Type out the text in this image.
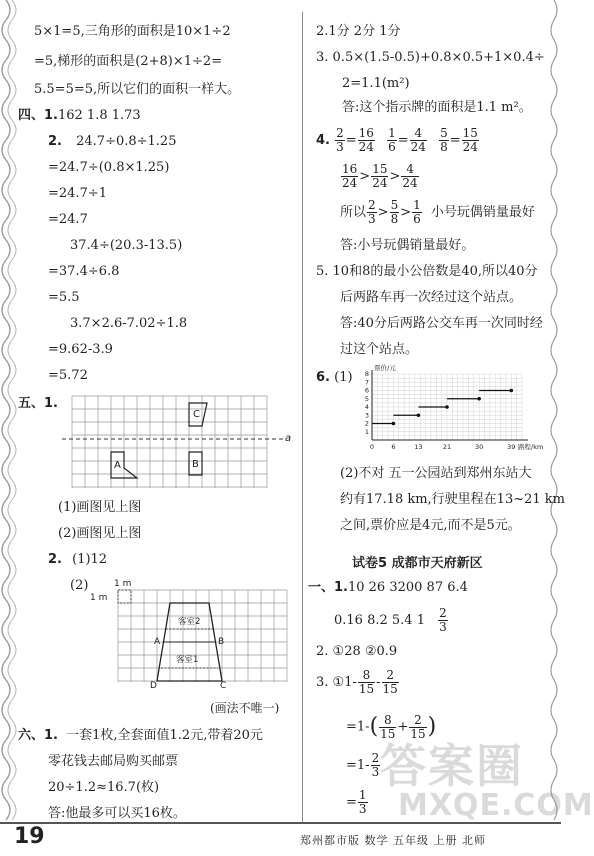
5×1=5,三角形的面积是10×1÷2
=5,梯形的面积是(2+8)×1÷2=
5.5=5=5,所以它们的面积一样大。
四、1.162 1.8 1.73
2. 24.7÷0.8÷1.25
=24.7÷(0.8×1.25)
=24.7÷1
=24.7
37.4÷(20.3-13.5)
=37.4÷6.8
=5.5
3.7×2.6-7.02÷1.8
=9.62-3.9
=5.72
五、1.
a
C
B
A
(1)画图见上图
(2)画图见上图
2. (1)12
(2)	1 m
1 m
客室2
客室1
A	B
D	C
(画法不唯一)
六、1. 一套1枚,全套面值1.2元,带着20元
零花钱去邮局购买邮票
20÷1.2≈16.7(枚)
答:他最多可以买16枚。
2.1分 2分 1分
3. 0.5×(1.5-0.5)+0.8×0.5+1×0.4÷
2=1.1(m²)
答:这个指示牌的面积是1.1 m²。
4. $\frac{2}{3} = \frac{16}{24}$
$\frac{1}{6} = \frac{4}{24}$
$\frac{5}{8} = \frac{15}{24}$
$\frac{16}{24} > \frac{15}{24} > \frac{4}{24}$
所以 $\frac{2}{3} > \frac{5}{8} > \frac{1}{6}$ 小号玩偶销量最好
答:小号玩偶销量最好。
5. 10和8的最小公倍数是40,所以40分
后两路车再一次经过这个站点。
答:40分后两路公交车再一次同时经
过这个站点。
6. (1)
0	6	13	21	30	39
1
2
3
4
5
6
7
8
票价/元
路程/km
(2)不对 五一公园站到郑州东站大
约有17.18 km,行驶里程在13~21 km
之间,票价应是4元,而不是5元。
试卷5 成都市天府新区
一、1.10 26 3200 87 6.4
0.16 8.2 5.4 $1 \frac{2}{3}$
2. ①28 ②0.9
3. ①1- $\frac{8}{15} - \frac{2}{15}$
$=1-( \frac{8}{15} + \frac{2}{15}$ )
$=1- \frac{2}{3}$
= $\frac{1}{3}$
答案圈
MXQE.COM
19	郑州都市版 数学 五年级 上册 北师
